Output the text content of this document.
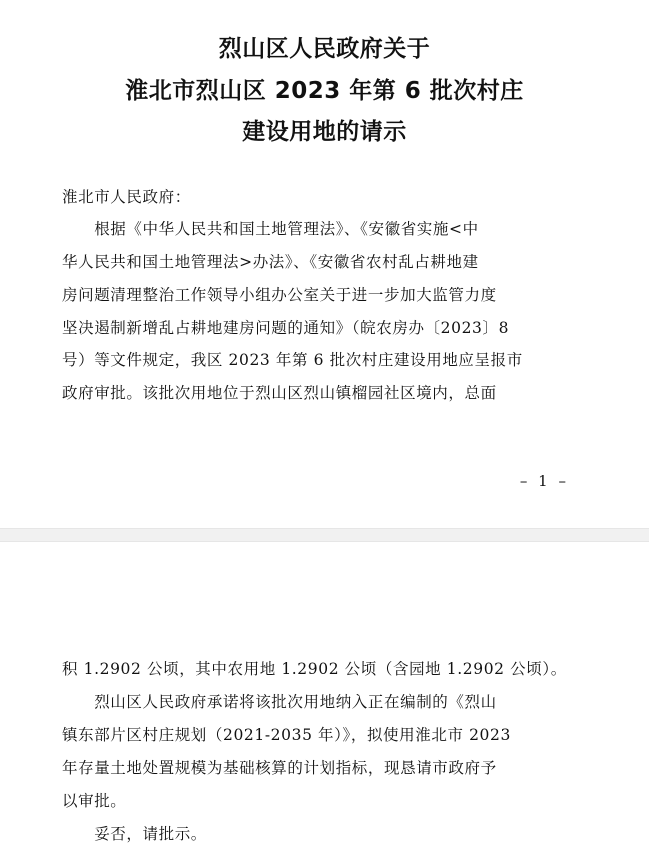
烈山区人民政府关于
淮北市烈山区 2023 年第 6 批次村庄
建设用地的请示
淮北市人民政府：
　　根据《中华人民共和国土地管理法》、《安徽省实施<中
华人民共和国土地管理法>办法》、《安徽省农村乱占耕地建
房问题清理整治工作领导小组办公室关于进一步加大监管力度
坚决遏制新增乱占耕地建房问题的通知》（皖农房办〔2023〕8
号）等文件规定，我区 2023 年第 6 批次村庄建设用地应呈报市
政府审批。该批次用地位于烈山区烈山镇榴园社区境内，总面
– 1 –
积 1.2902 公顷，其中农用地 1.2902 公顷（含园地 1.2902 公顷）。
　　烈山区人民政府承诺将该批次用地纳入正在编制的《烈山
镇东部片区村庄规划（2021-2035 年）》，拟使用淮北市 2023
年存量土地处置规模为基础核算的计划指标，现恳请市政府予
以审批。
　　妥否，请批示。
